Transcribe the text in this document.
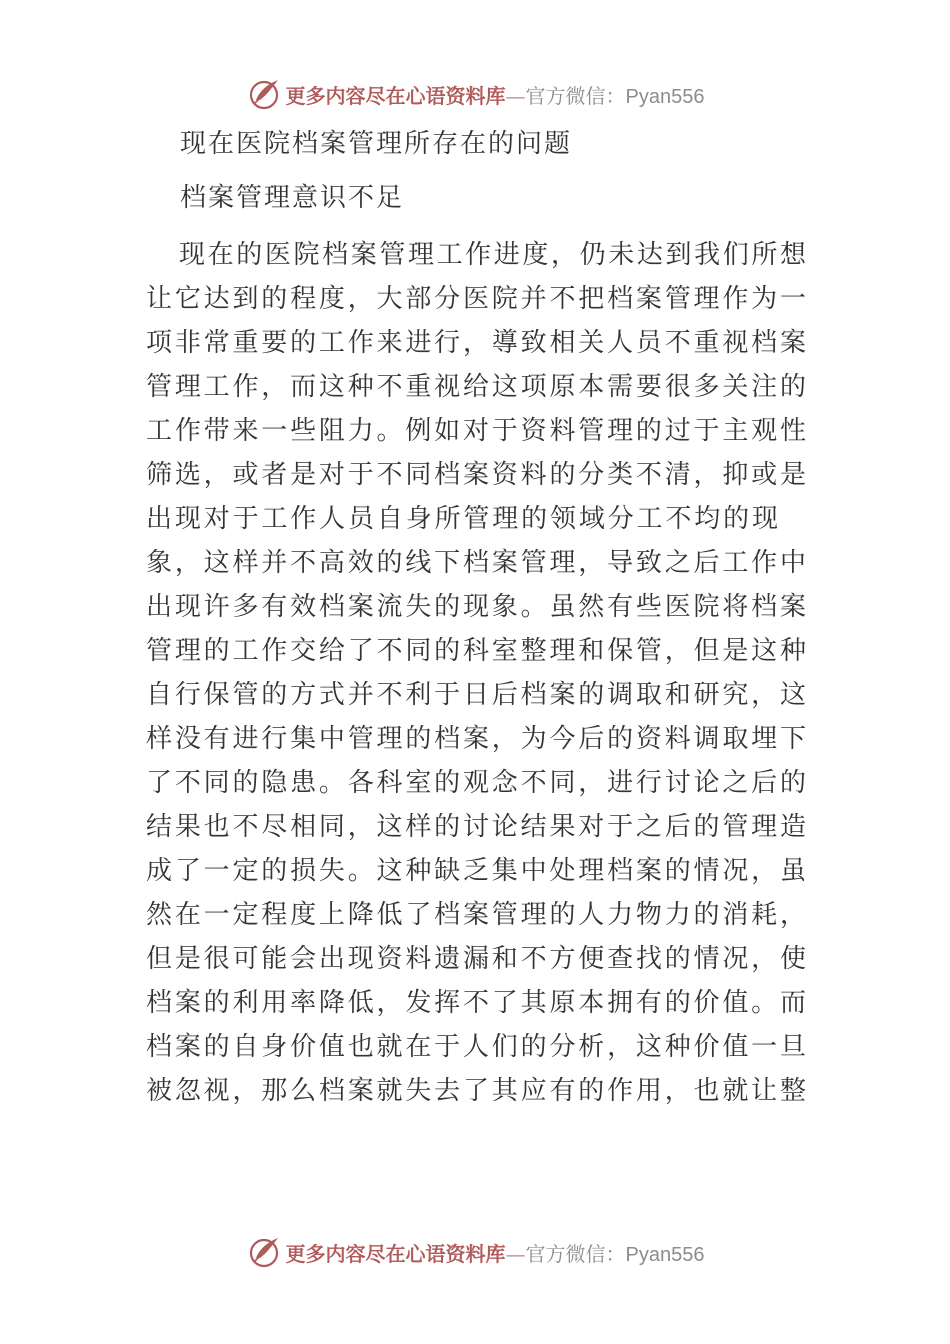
更多内容尽在心语资料库 — 官方微信： Pyan556
现在医院档案管理所存在的问题
档案管理意识不足
现在的医院档案管理工作进度，仍未达到我们所想
让它达到的程度，大部分医院并不把档案管理作为一
项非常重要的工作来进行，導致相关人员不重视档案
管理工作，而这种不重视给这项原本需要很多关注的
工作带来一些阻力。例如对于资料管理的过于主观性
筛选，或者是对于不同档案资料的分类不清，抑或是
出现对于工作人员自身所管理的领域分工不均的现
象，这样并不高效的线下档案管理，导致之后工作中
出现许多有效档案流失的现象。虽然有些医院将档案
管理的工作交给了不同的科室整理和保管，但是这种
自行保管的方式并不利于日后档案的调取和研究，这
样没有进行集中管理的档案，为今后的资料调取埋下
了不同的隐患。各科室的观念不同，进行讨论之后的
结果也不尽相同，这样的讨论结果对于之后的管理造
成了一定的损失。这种缺乏集中处理档案的情况，虽
然在一定程度上降低了档案管理的人力物力的消耗，
但是很可能会出现资料遗漏和不方便查找的情况，使
档案的利用率降低，发挥不了其原本拥有的价值。而
档案的自身价值也就在于人们的分析，这种价值一旦
被忽视，那么档案就失去了其应有的作用，也就让整
更多内容尽在心语资料库 — 官方微信： Pyan556
